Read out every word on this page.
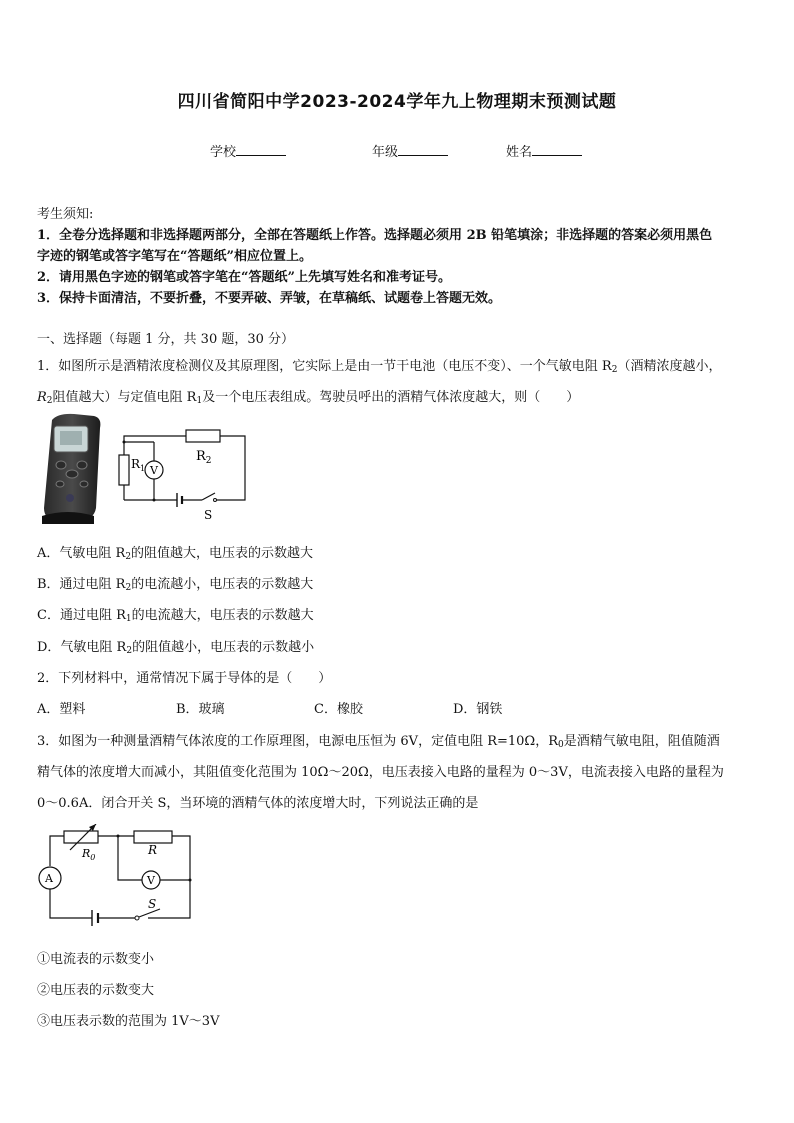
四川省简阳中学2023-2024学年九上物理期末预测试题
学校	年级	姓名
考生须知:
1．全卷分选择题和非选择题两部分，全部在答题纸上作答。选择题必须用 2B 铅笔填涂；非选择题的答案必须用黑色
字迹的钢笔或答字笔写在“答题纸”相应位置上。
2．请用黑色字迹的钢笔或答字笔在“答题纸”上先填写姓名和准考证号。
3．保持卡面清洁，不要折叠，不要弄破、弄皱，在草稿纸、试题卷上答题无效。
一、选择题（每题 1 分，共 30 题，30 分）
1．如图所示是酒精浓度检测仪及其原理图，它实际上是由一节干电池（电压不变）、一个气敏电阻 $R_2$（酒精浓度越小，
$R_2$阻值越大）与定值电阻 $R_1$及一个电压表组成。驾驶员呼出的酒精气体浓度越大，则（　　）
$R_1$ V
$R_2$
S
A．气敏电阻 $R_2$的阻值越大，电压表的示数越大
B．通过电阻 $R_2$的电流越小，电压表的示数越大
C．通过电阻 $R_1$的电流越大，电压表的示数越大
D．气敏电阻 $R_2$的阻值越小，电压表的示数越小
2．下列材料中，通常情况下属于导体的是（　　）
A．塑料	B．玻璃	C．橡胶	D．钢铁
3．如图为一种测量酒精气体浓度的工作原理图，电源电压恒为 6V，定值电阻 R=10Ω，$R_0$是酒精气敏电阻，阻值随酒
精气体的浓度增大而减小，其阻值变化范围为 10Ω～20Ω，电压表接入电路的量程为 0～3V，电流表接入电路的量程为
0～0.6A．闭合开关 S，当环境的酒精气体的浓度增大时，下列说法正确的是
$R_0$
R
A	V
S
①电流表的示数变小
②电压表的示数变大
③电压表示数的范围为 1V～3V
